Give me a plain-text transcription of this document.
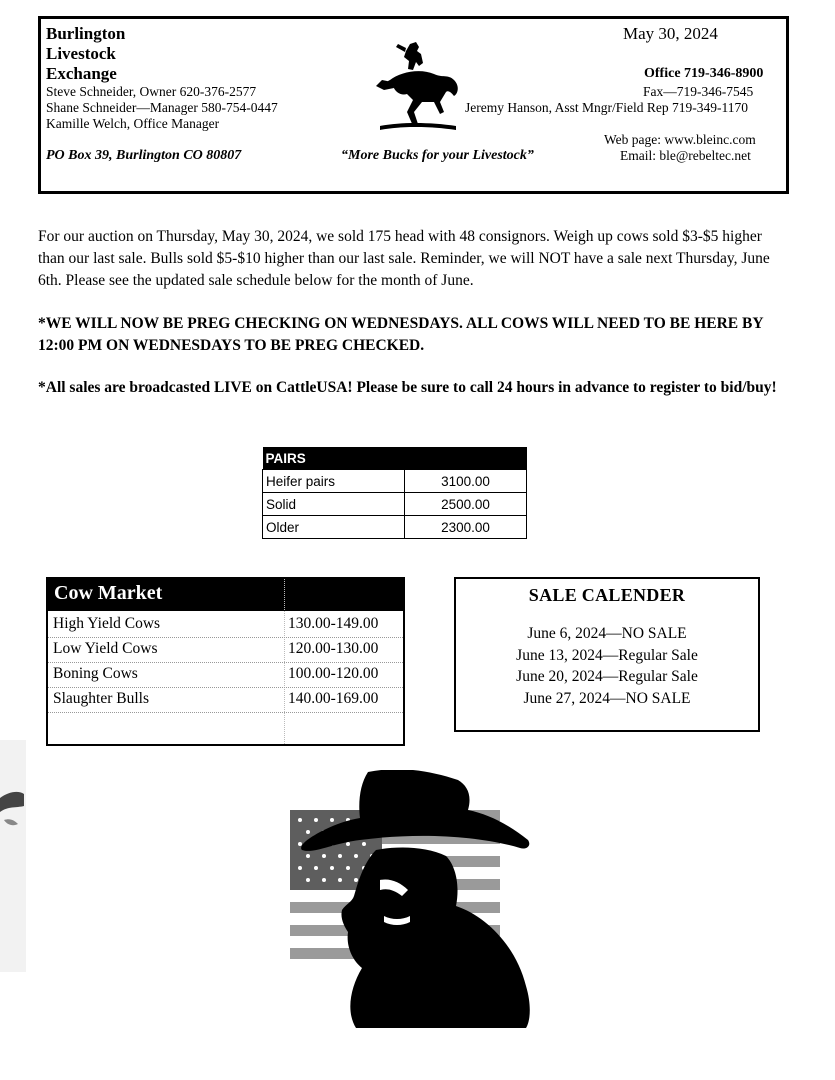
Burlington
Livestock
Exchange
Steve Schneider, Owner 620-376-2577
Shane Schneider—Manager 580-754-0447
Kamille Welch, Office Manager
PO Box 39, Burlington CO 80807	“More Bucks for your Livestock”
May 30, 2024
Office 719-346-8900
Fax—719-346-7545
Jeremy Hanson, Asst Mngr/Field Rep 719-349-1170
Web page: www.bleinc.com
Email: ble@rebeltec.net
For our auction on Thursday, May 30, 2024, we sold 175 head with 48 consignors. Weigh up cows sold $3-$5 higher than our last sale. Bulls sold $5-$10 higher than our last sale. Reminder, we will NOT have a sale next Thursday, June 6th. Please see the updated sale schedule below for the month of June.
*WE WILL NOW BE PREG CHECKING ON WEDNESDAYS. ALL COWS WILL NEED TO BE HERE BY 12:00 PM ON WEDNESDAYS TO BE PREG CHECKED.
*All sales are broadcasted LIVE on CattleUSA! Please be sure to call 24 hours in advance to register to bid/buy!
PAIRS	
Heifer pairs	3100.00
Solid	2500.00
Older	2300.00
Cow Market
High Yield Cows	130.00-149.00
Low Yield Cows	120.00-130.00
Boning Cows	100.00-120.00
Slaughter Bulls	140.00-169.00
SALE CALENDER
June 6, 2024—NO SALE
June 13, 2024—Regular Sale
June 20, 2024—Regular Sale
June 27, 2024—NO SALE
